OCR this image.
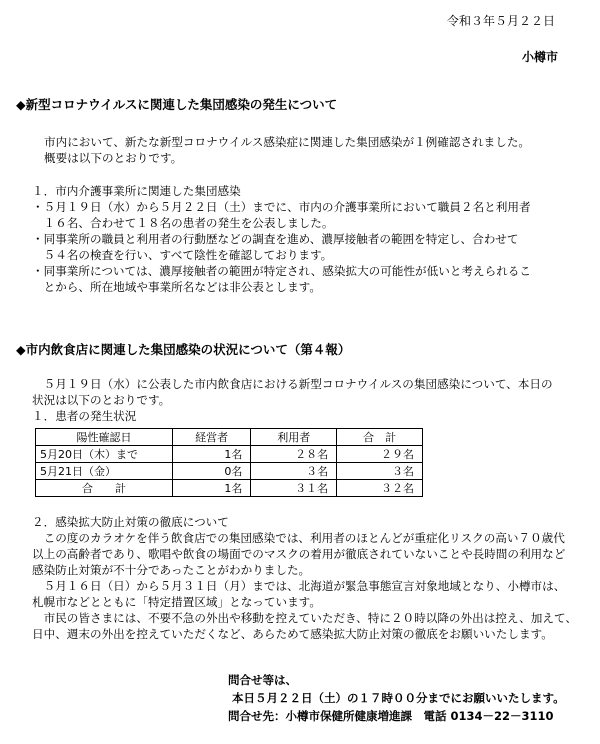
令和３年５月２２日
小樽市
◆新型コロナウイルスに関連した集団感染の発生について
市内において、新たな新型コロナウイルス感染症に関連した集団感染が１例確認されました。
概要は以下のとおりです。
１．市内介護事業所に関連した集団感染
・５月１９日（水）から５月２２日（土）までに、市内の介護事業所において職員２名と利用者
　１６名、合わせて１８名の患者の発生を公表しました。
・同事業所の職員と利用者の行動歴などの調査を進め、濃厚接触者の範囲を特定し、合わせて
　５４名の検査を行い、すべて陰性を確認しております。
・同事業所については、濃厚接触者の範囲が特定され、感染拡大の可能性が低いと考えられるこ
　とから、所在地域や事業所名などは非公表とします。
◆市内飲食店に関連した集団感染の状況について（第４報）
　５月１９日（水）に公表した市内飲食店における新型コロナウイルスの集団感染について、本日の
状況は以下のとおりです。
１．患者の発生状況
陽性確認日	経営者	利用者	合　計
5月20日（木）まで	1名	２８名	２９名
5月21日（金）	0名	３名	３名
合　　計	1名	３１名	３２名
２．感染拡大防止対策の徹底について
　この度のカラオケを伴う飲食店での集団感染では、利用者のほとんどが重症化リスクの高い７０歳代
以上の高齢者であり、歌唱や飲食の場面でのマスクの着用が徹底されていないことや長時間の利用など
感染防止対策が不十分であったことがわかりました。
　５月１６日（日）から５月３１日（月）までは、北海道が緊急事態宣言対象地域となり、小樽市は、
札幌市などとともに「特定措置区域」となっています。
　市民の皆さまには、不要不急の外出や移動を控えていただき、特に２０時以降の外出は控え、加えて、
日中、週末の外出を控えていただくなど、あらためて感染拡大防止対策の徹底をお願いいたします。
問合せ等は、
本日５月２２日（土）の１７時００分までにお願いいたします。
問合せ先：小樽市保健所健康増進課　電話 0134－22－3110
